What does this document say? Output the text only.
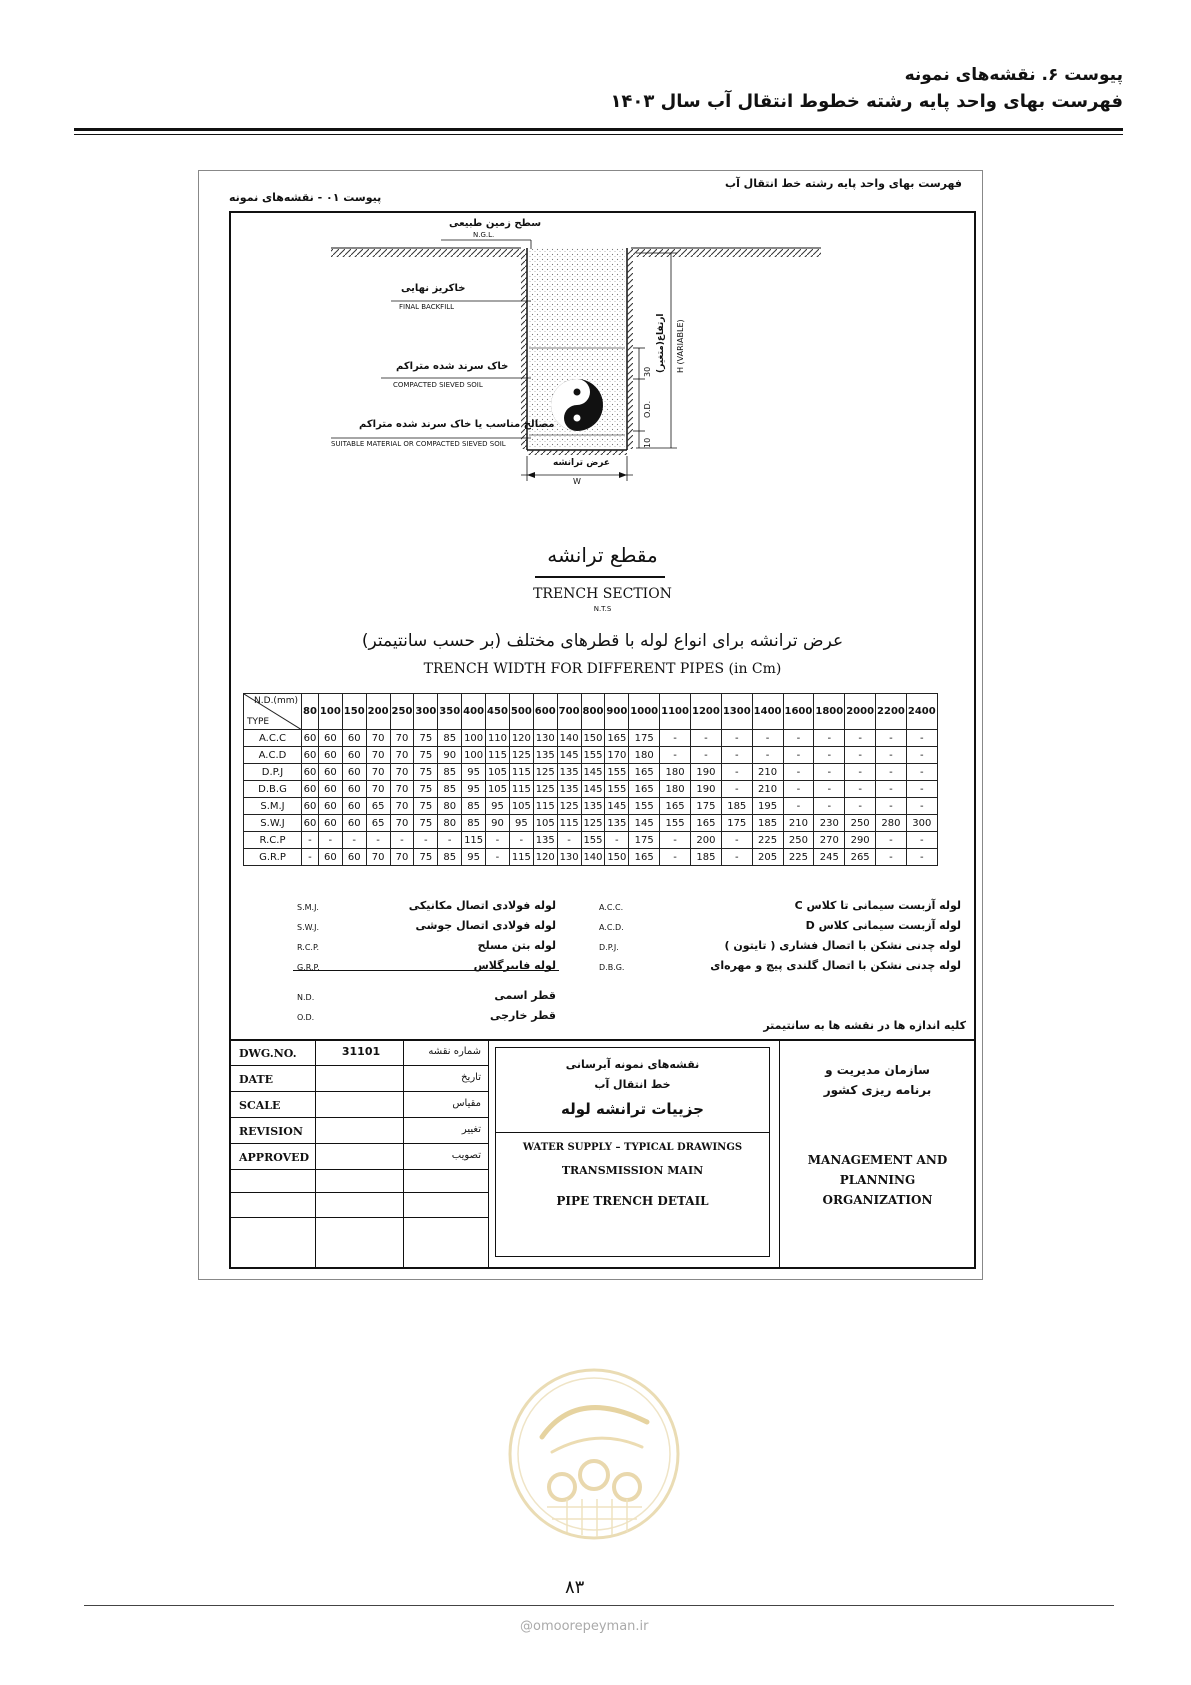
پیوست ۶. نقشه‌های نمونه
فهرست بهای واحد پایه رشته خطوط انتقال آب سال ۱۴۰۳
فهرست بهای واحد پایه رشته خط انتقال آب
پیوست ۰۱ - نقشه‌های نمونه
سطح زمین طبیعی
N.G.L.
خاکریز نهایی
FINAL BACKFILL
خاک سرند شده متراکم
COMPACTED SIEVED SOIL
مصالح مناسب یا خاک سرند شده متراکم
SUITABLE MATERIAL OR COMPACTED SIEVED SOIL
30
O.D.
10
ارتفاع(متغیر) H (VARIABLE)
عرض ترانشه
W
مقطع ترانشه
TRENCH SECTION
N.T.S
عرض ترانشه برای انواع لوله با قطرهای مختلف (بر حسب سانتیمتر)
TRENCH WIDTH FOR DIFFERENT PIPES (in Cm)
N.D.(mm)
TYPE	80	100	150	200	250	300	350	400	450	500	600	700	800	900	1000	1100	1200	1300	1400	1600	1800	2000	2200	2400
A.C.C	60	60	60	70	70	75	85	100	110	120	130	140	150	165	175	-	-	-	-	-	-	-	-	-
A.C.D	60	60	60	70	70	75	90	100	115	125	135	145	155	170	180	-	-	-	-	-	-	-	-	-
D.P.J	60	60	60	70	70	75	85	95	105	115	125	135	145	155	165	180	190	-	210	-	-	-	-	-
D.B.G	60	60	60	70	70	75	85	95	105	115	125	135	145	155	165	180	190	-	210	-	-	-	-	-
S.M.J	60	60	60	65	70	75	80	85	95	105	115	125	135	145	155	165	175	185	195	-	-	-	-	-
S.W.J	60	60	60	65	70	75	80	85	90	95	105	115	125	135	145	155	165	175	185	210	230	250	280	300
R.C.P	-	-	-	-	-	-	-	115	-	-	135	-	155	-	175	-	200	-	225	250	270	290	-	-
G.R.P	-	60	60	70	70	75	85	95	-	115	120	130	140	150	165	-	185	-	205	225	245	265	-	-
S.M.J.	لوله فولادی اتصال مکانیکی
S.W.J.	لوله فولادی اتصال جوشی
R.C.P.	لوله بتن مسلح
G.R.P.	لوله فایبرگلاس
N.D.	قطر اسمی
O.D.	قطر خارجی
A.C.C.	لوله آزبست سیمانی تا کلاس C
A.C.D.	لوله آزبست سیمانی کلاس D
D.P.J.	لوله چدنی نشکن با اتصال فشاری ( تایتون )
D.B.G.	لوله چدنی نشکن با اتصال گلندی پیچ و مهره‌ای
کلیه اندازه ها در نقشه ها به سانتیمتر
DWG.NO.	31101	شماره نقشه
DATE	تاریخ
SCALE	مقیاس
REVISION	تغییر
APPROVED	تصویب
نقشه‌های نمونه آبرسانی
خط انتقال آب
جزییات ترانشه لوله
WATER SUPPLY – TYPICAL DRAWINGS
TRANSMISSION MAIN
PIPE TRENCH DETAIL
سازمان مدیریت و
برنامه ریزی کشور
MANAGEMENT AND
PLANNING
ORGANIZATION
۸۳
@omoorepeyman.ir
